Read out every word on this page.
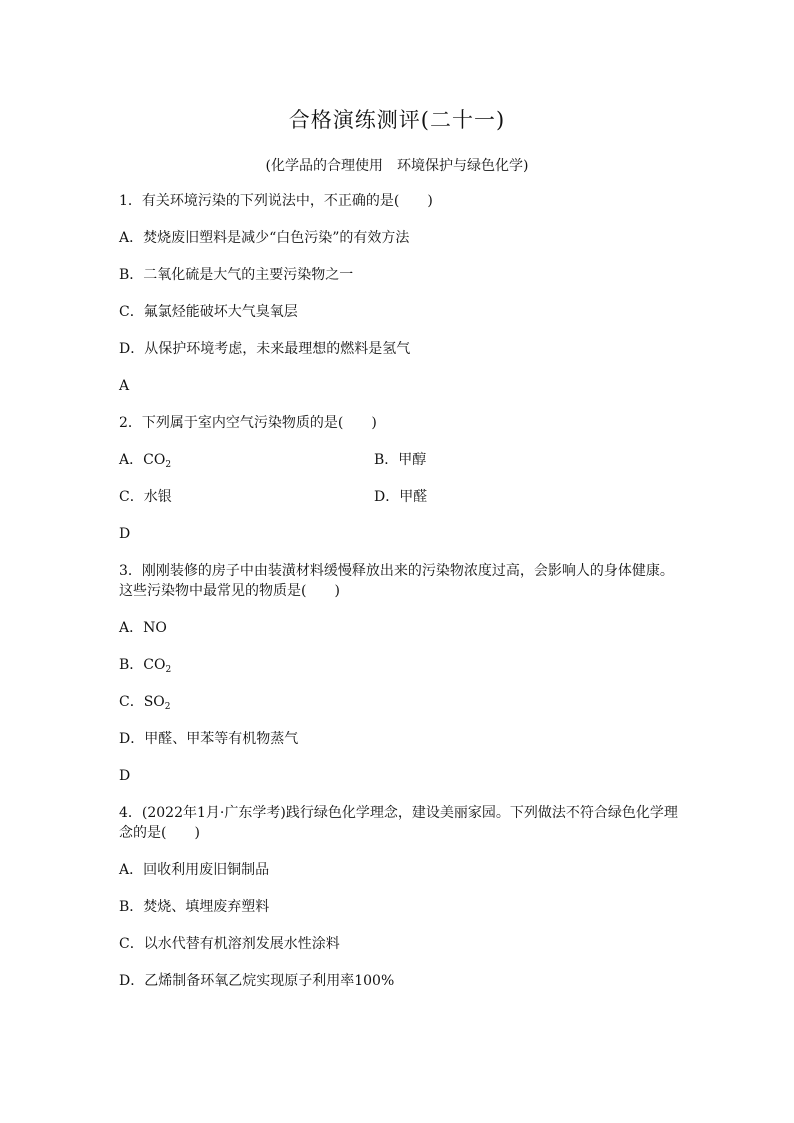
合格演练测评(二十一)
(化学品的合理使用　环境保护与绿色化学)
1．有关环境污染的下列说法中，不正确的是(　　)
A．焚烧废旧塑料是减少“白色污染”的有效方法
B．二氧化硫是大气的主要污染物之一
C．氟氯烃能破坏大气臭氧层
D．从保护环境考虑，未来最理想的燃料是氢气
A
2．下列属于室内空气污染物质的是(　　)
A．$CO_2$	B．甲醇
C．水银	D．甲醛
D
3．刚刚装修的房子中由装潢材料缓慢释放出来的污染物浓度过高，会影响人的身体健康。这些污染物中最常见的物质是(　　)
A．NO
B．$CO_2$
C．$SO_2$
D．甲醛、甲苯等有机物蒸气
D
4．(2022年1月·广东学考)践行绿色化学理念，建设美丽家园。下列做法不符合绿色化学理念的是(　　)
A．回收利用废旧铜制品
B．焚烧、填埋废弃塑料
C．以水代替有机溶剂发展水性涂料
D．乙烯制备环氧乙烷实现原子利用率100%
